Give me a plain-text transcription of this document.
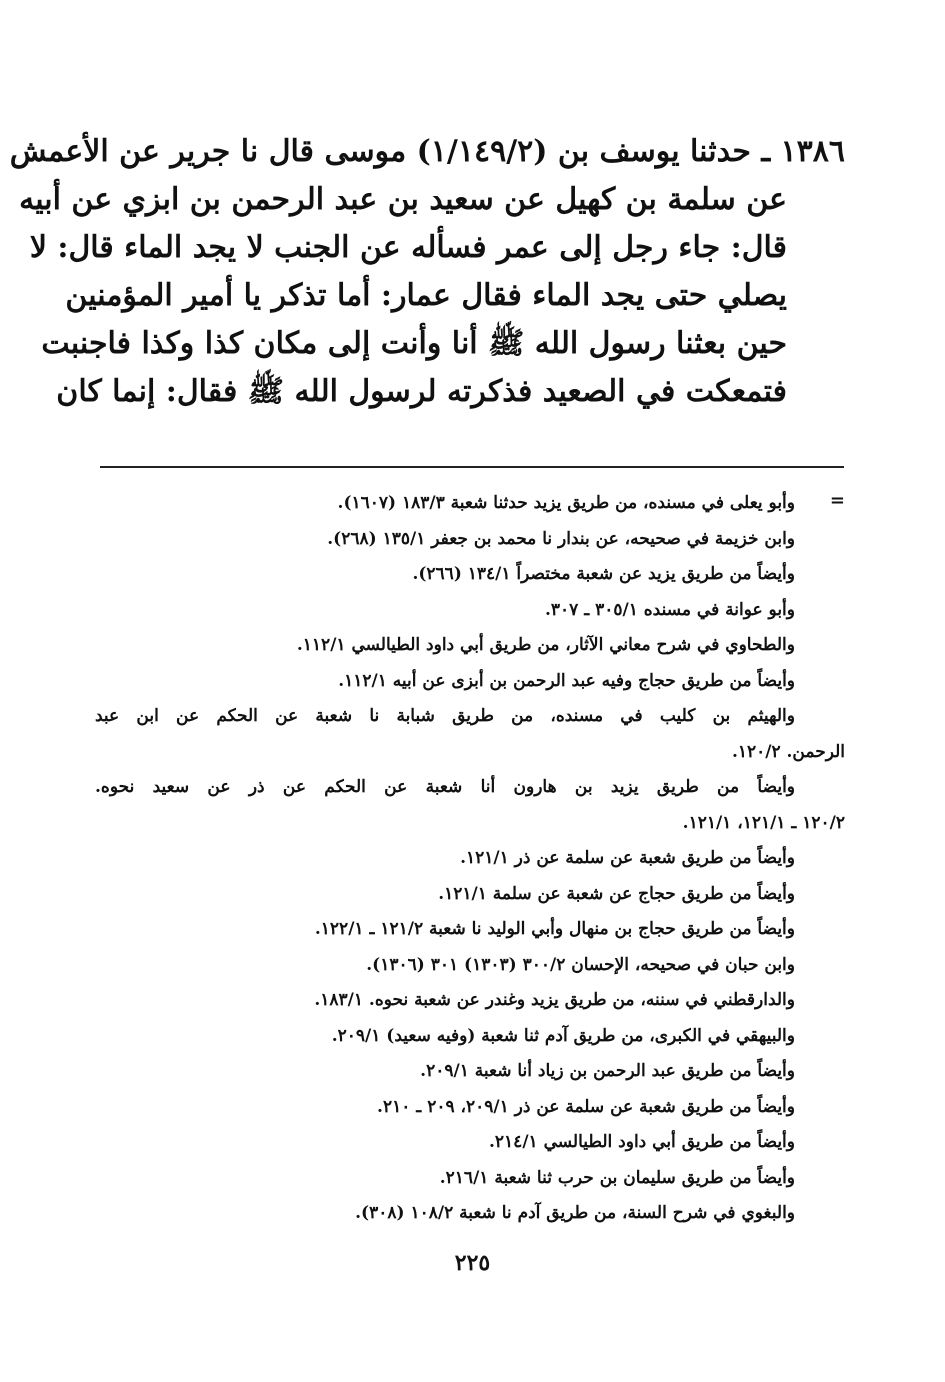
١٣٨٦ ـ حدثنا يوسف بن (١/١٤٩/٢) موسى قال نا جرير عن الأعمش
عن سلمة بن كهيل عن سعيد بن عبد الرحمن بن ابزي عن أبيه
قال: جاء رجل إلى عمر فسأله عن الجنب لا يجد الماء قال: لا
يصلي حتى يجد الماء فقال عمار: أما تذكر يا أمير المؤمنين
حين بعثنا رسول الله ﷺ أنا وأنت إلى مكان كذا وكذا فاجنبت
فتمعكت في الصعيد فذكرته لرسول الله ﷺ فقال: إنما كان
=
وأبو يعلى في مسنده، من طريق يزيد حدثنا شعبة ١٨٣/٣ (١٦٠٧).
وابن خزيمة في صحيحه، عن بندار نا محمد بن جعفر ١٣٥/١ (٢٦٨).
وأيضاً من طريق يزيد عن شعبة مختصراً ١٣٤/١ (٢٦٦).
وأبو عوانة في مسنده ٣٠٥/١ ـ ٣٠٧.
والطحاوي في شرح معاني الآثار، من طريق أبي داود الطيالسي ١١٢/١.
وأيضاً من طريق حجاج وفيه عبد الرحمن بن أبزى عن أبيه ١١٢/١.
والهيثم بن كليب في مسنده، من طريق شبابة نا شعبة عن الحكم عن ابن عبد
الرحمن. ١٢٠/٢.
وأيضاً من طريق يزيد بن هارون أنا شعبة عن الحكم عن ذر عن سعيد نحوه.
١٢٠/٢ ـ ١٢١/١، ١٢١/١.
وأيضاً من طريق شعبة عن سلمة عن ذر ١٢١/١.
وأيضاً من طريق حجاج عن شعبة عن سلمة ١٢١/١.
وأيضاً من طريق حجاج بن منهال وأبي الوليد نا شعبة ١٢١/٢ ـ ١٢٢/١.
وابن حبان في صحيحه، الإحسان ٣٠٠/٢ (١٣٠٣) ٣٠١ (١٣٠٦).
والدارقطني في سننه، من طريق يزيد وغندر عن شعبة نحوه. ١٨٣/١.
والبيهقي في الكبرى، من طريق آدم ثنا شعبة (وفيه سعيد) ٢٠٩/١.
وأيضاً من طريق عبد الرحمن بن زياد أنا شعبة ٢٠٩/١.
وأيضاً من طريق شعبة عن سلمة عن ذر ٢٠٩/١، ٢٠٩ ـ ٢١٠.
وأيضاً من طريق أبي داود الطيالسي ٢١٤/١.
وأيضاً من طريق سليمان بن حرب ثنا شعبة ٢١٦/١.
والبغوي في شرح السنة، من طريق آدم نا شعبة ١٠٨/٢ (٣٠٨).
٢٢٥
